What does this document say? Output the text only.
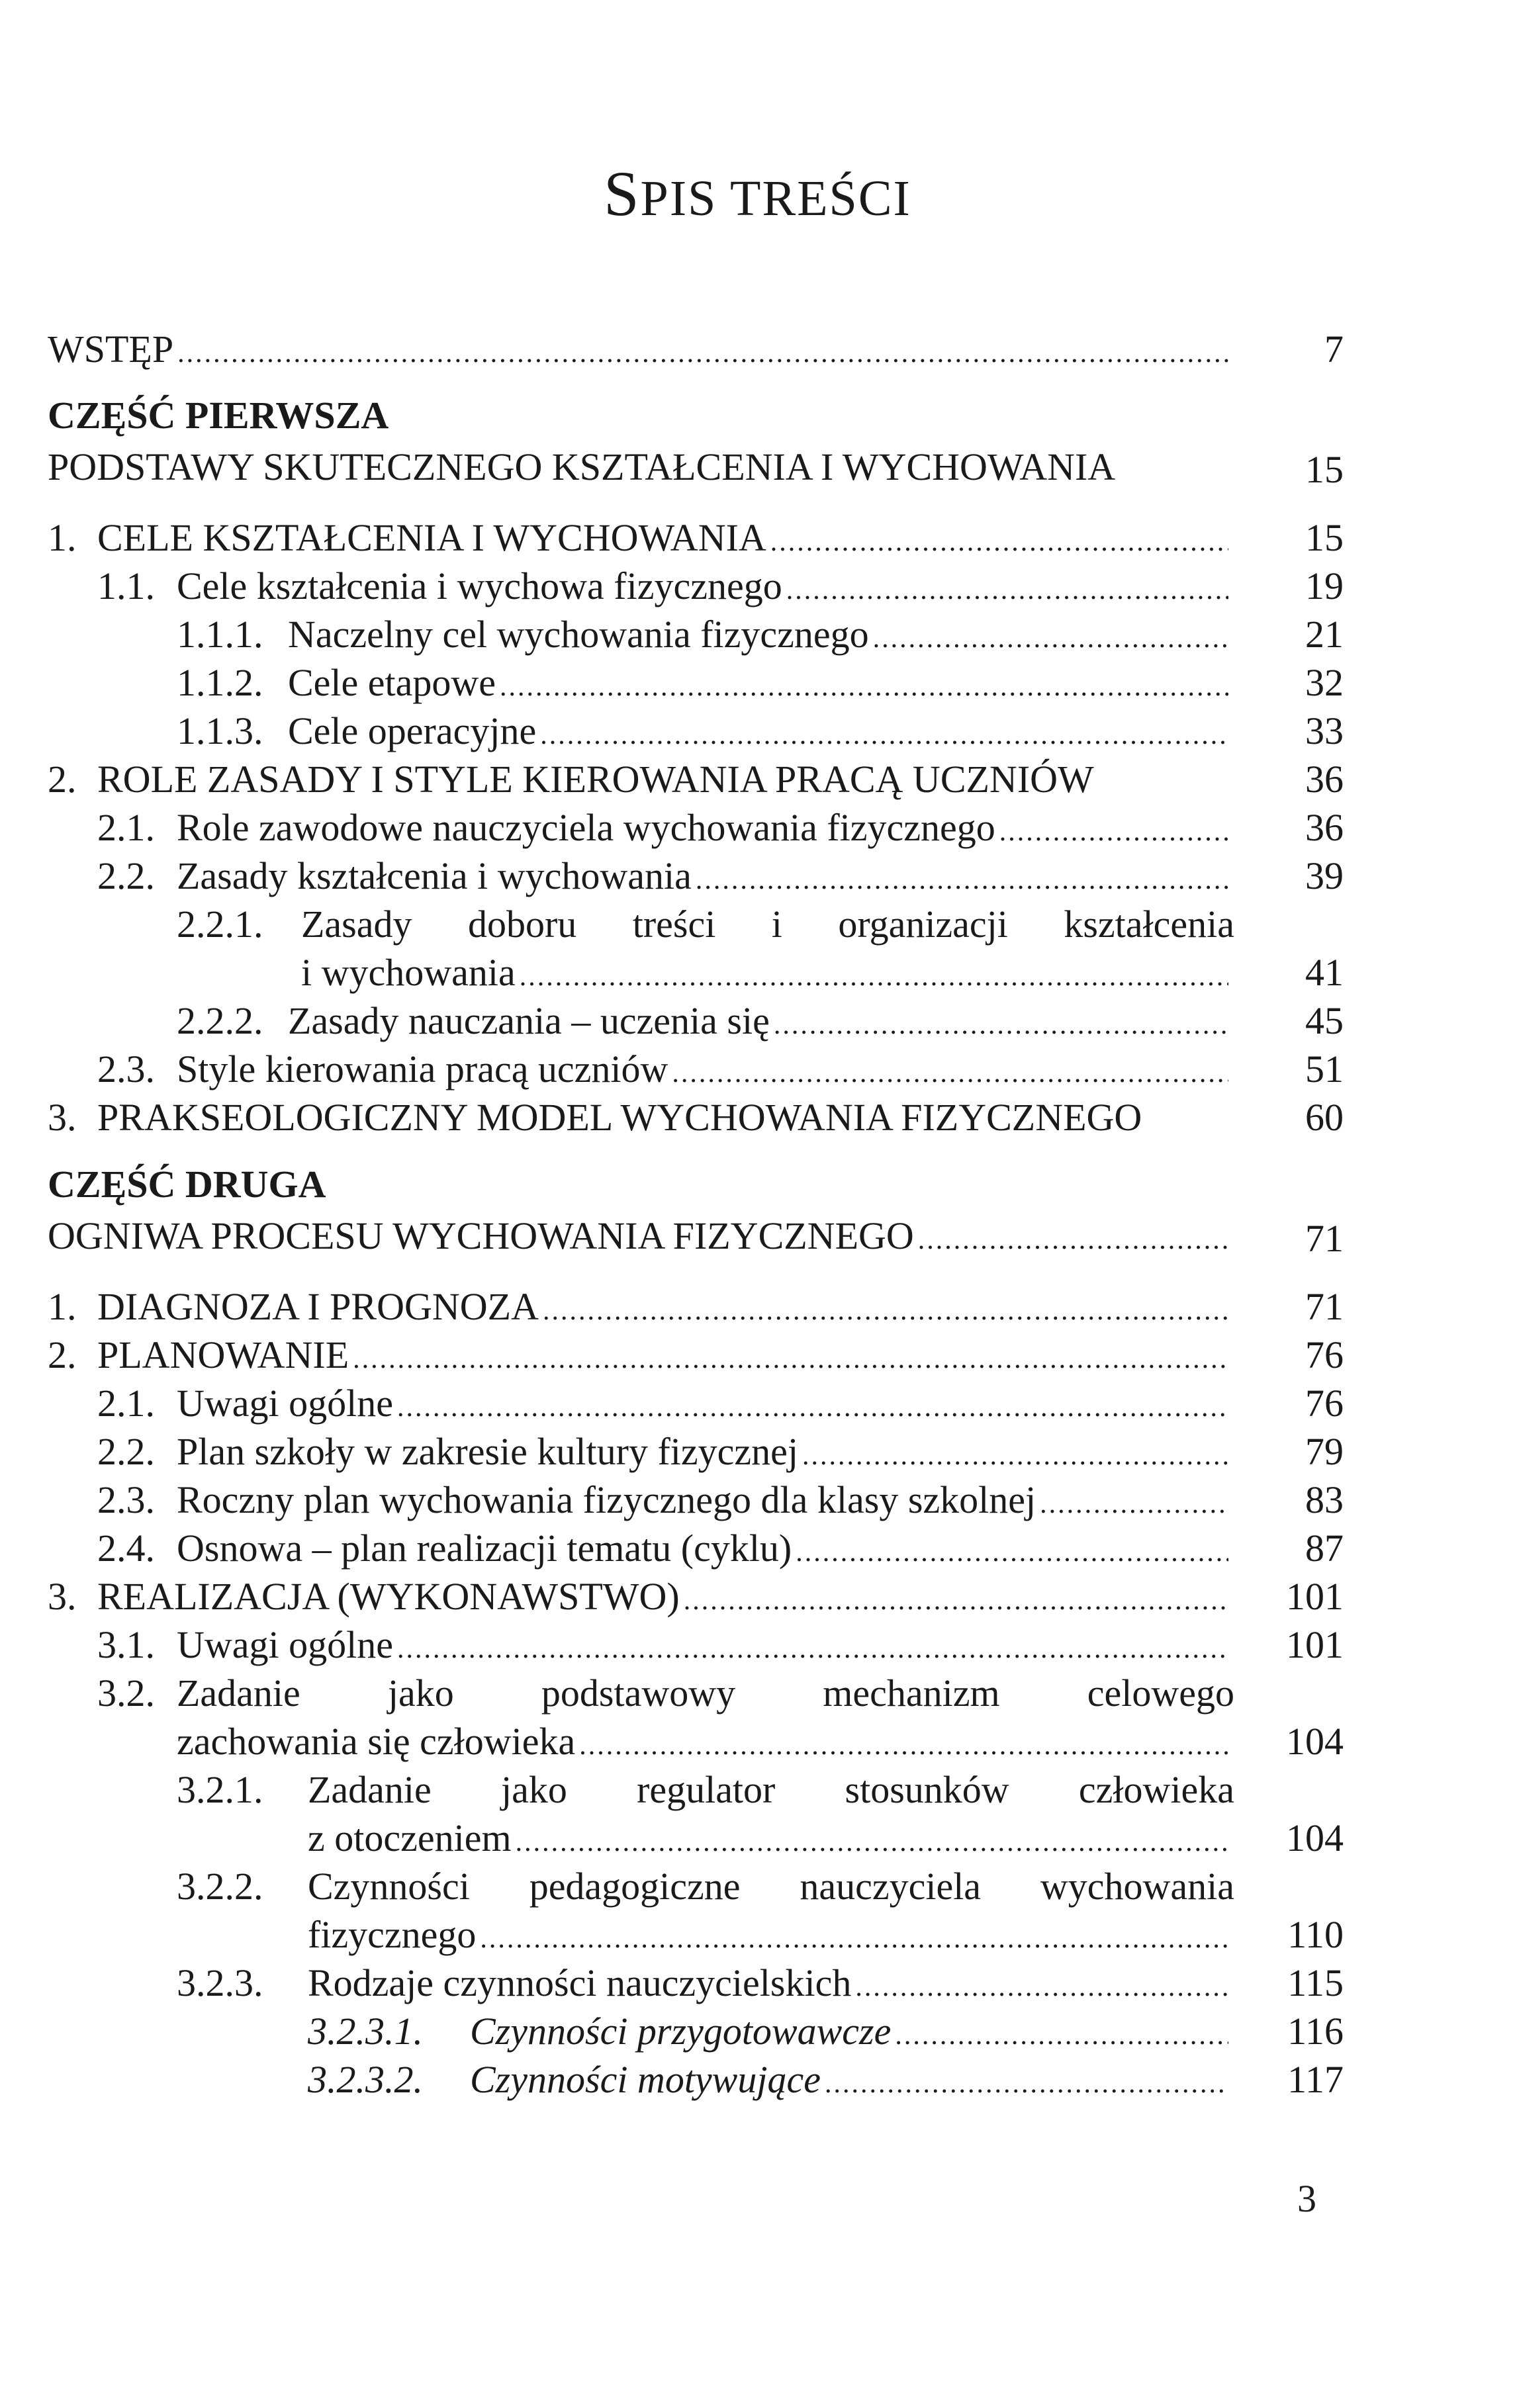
SPIS TREŚCI
WSTĘP .....	7
CZĘŚĆ PIERWSZA
PODSTAWY SKUTECZNEGO KSZTAŁCENIA I WYCHOWANIA	15
1. CELE KSZTAŁCENIA I WYCHOWANIA .....	15
1.1. Cele kształcenia i wychowa fizycznego .....	19
1.1.1. Naczelny cel wychowania fizycznego .....	21
1.1.2. Cele etapowe .....	32
1.1.3. Cele operacyjne .....	33
2. ROLE ZASADY I STYLE KIEROWANIA PRACĄ UCZNIÓW	36
2.1. Role zawodowe nauczyciela wychowania fizycznego .....	36
2.2. Zasady kształcenia i wychowania .....	39
2.2.1. Zasady doboru treści i organizacji kształcenia
i wychowania .....	41
2.2.2. Zasady nauczania – uczenia się .....	45
2.3. Style kierowania pracą uczniów .....	51
3. PRAKSEOLOGICZNY MODEL WYCHOWANIA FIZYCZNEGO	60
CZĘŚĆ DRUGA
OGNIWA PROCESU WYCHOWANIA FIZYCZNEGO .....	71
1. DIAGNOZA I PROGNOZA .....	71
2. PLANOWANIE .....	76
2.1. Uwagi ogólne .....	76
2.2. Plan szkoły w zakresie kultury fizycznej .....	79
2.3. Roczny plan wychowania fizycznego dla klasy szkolnej .....	83
2.4. Osnowa – plan realizacji tematu (cyklu) .....	87
3. REALIZACJA (WYKONAWSTWO) .....	101
3.1. Uwagi ogólne .....	101
3.2. Zadanie jako podstawowy mechanizm celowego
zachowania się człowieka .....	104
3.2.1.	Zadanie jako regulator stosunków człowieka
z otoczeniem .....	104
3.2.2.	Czynności pedagogiczne nauczyciela wychowania
fizycznego .....	110
3.2.3.	Rodzaje czynności nauczycielskich .....	115
3.2.3.1.	Czynności przygotowawcze .....	116
3.2.3.2.	Czynności motywujące .....	117
3
